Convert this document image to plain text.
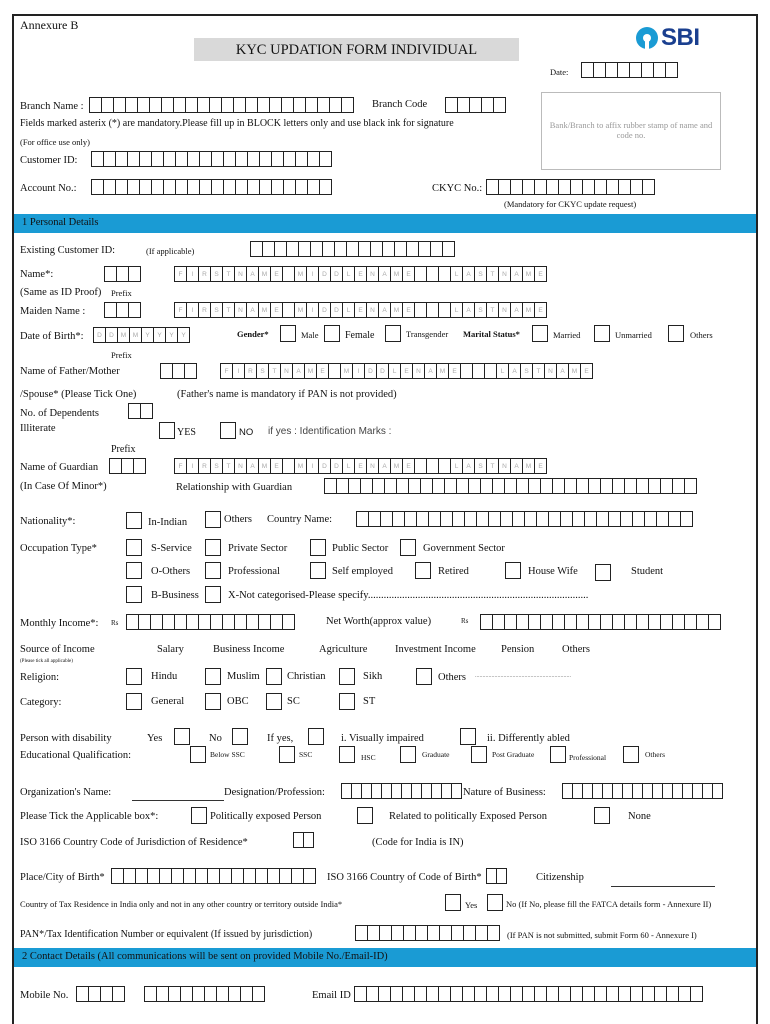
Annexure B
KYC UPDATION FORM INDIVIDUAL	SBI
Date:
Branch Name :	Branch Code
Bank/Branch to affix rubber stamp of name and code no.
Fields marked asterix (*) are mandatory.Please fill up in BLOCK letters only and use black ink for signature
(For office use only)
Customer ID:
Account No.:	CKYC No.:
(Mandatory for CKYC update request)
1 Personal Details
Existing Customer ID:	(If applicable)
Name*:	F	I	R	S	T	N	A	M	E	M	I	D	D	L	E	N	A	M	E	L	A	S	T	N	A	M	E
(Same as ID Proof) Prefix
Maiden Name :	F	I	R	S	T	N	A	M	E	M	I	D	D	L	E	N	A	M	E	L	A	S	T	N	A	M	E
Date of Birth*:	D	D	M	M	Y	Y	Y	Y	Gender*	Male	Female	Transgender Marital Status*	Married	Unmarried	Others
Prefix
Name of Father/Mother	F	I	R	S	T	N	A	M	E	M	I	D	D	L	E	N	A	M	E	L	A	S	T	N	A	M	E
/Spouse* (Please Tick One)	(Father's name is mandatory if PAN is not provided)
No. of Dependents
Illiterate	YES	NO if yes : Identification Marks :
Prefix
Name of Guardian	F	I	R	S	T	N	A	M	E	M	I	D	D	L	E	N	A	M	E	L	A	S	T	N	A	M	E
(In Case Of Minor*)	Relationship with Guardian
Nationality*:	In-Indian	Others Country Name:
Occupation Type*	S-Service	Private Sector	Public Sector	Government Sector
O-Others	Professional	Self employed	Retired	House Wife	Student
B-Business	X-Not categorised-Please specify....................................................................................
Monthly Income*: Rs	Net Worth(approx value)	Rs
Source of Income
(Please tick all applicable)
Salary	Business Income	Agriculture	Investment Income Pension	Others
Religion:	Hindu	Muslim	Christian	Sikh	Others ................................................................
Category:	General	OBC	SC	ST
Person with disability	Yes	No	If yes,	i. Visually impaired	ii. Differently abled
Educational Qualification:	Below SSC	SSC	HSC	Graduate	Post Graduate	Professional	Others
Organization's Name:	Designation/Profession:	Nature of Business:
Please Tick the Applicable box*:	Politically exposed Person	Related to politically Exposed Person	None
ISO 3166 Country Code of Jurisdiction of Residence*	(Code for India is IN)
Place/City of Birth*	ISO 3166 Country of Code of Birth*	Citizenship
Country of Tax Residence in India only and not in any other country or territory outside India*	Yes	No (If No, please fill the FATCA details form - Annexure II)
PAN*/Tax Identification Number or equivalent (If issued by jurisdiction)	(If PAN is not submitted, submit Form 60 - Annexure I)
2 Contact Details (All communications will be sent on provided Mobile No./Email-ID)
Mobile No.	Email ID
